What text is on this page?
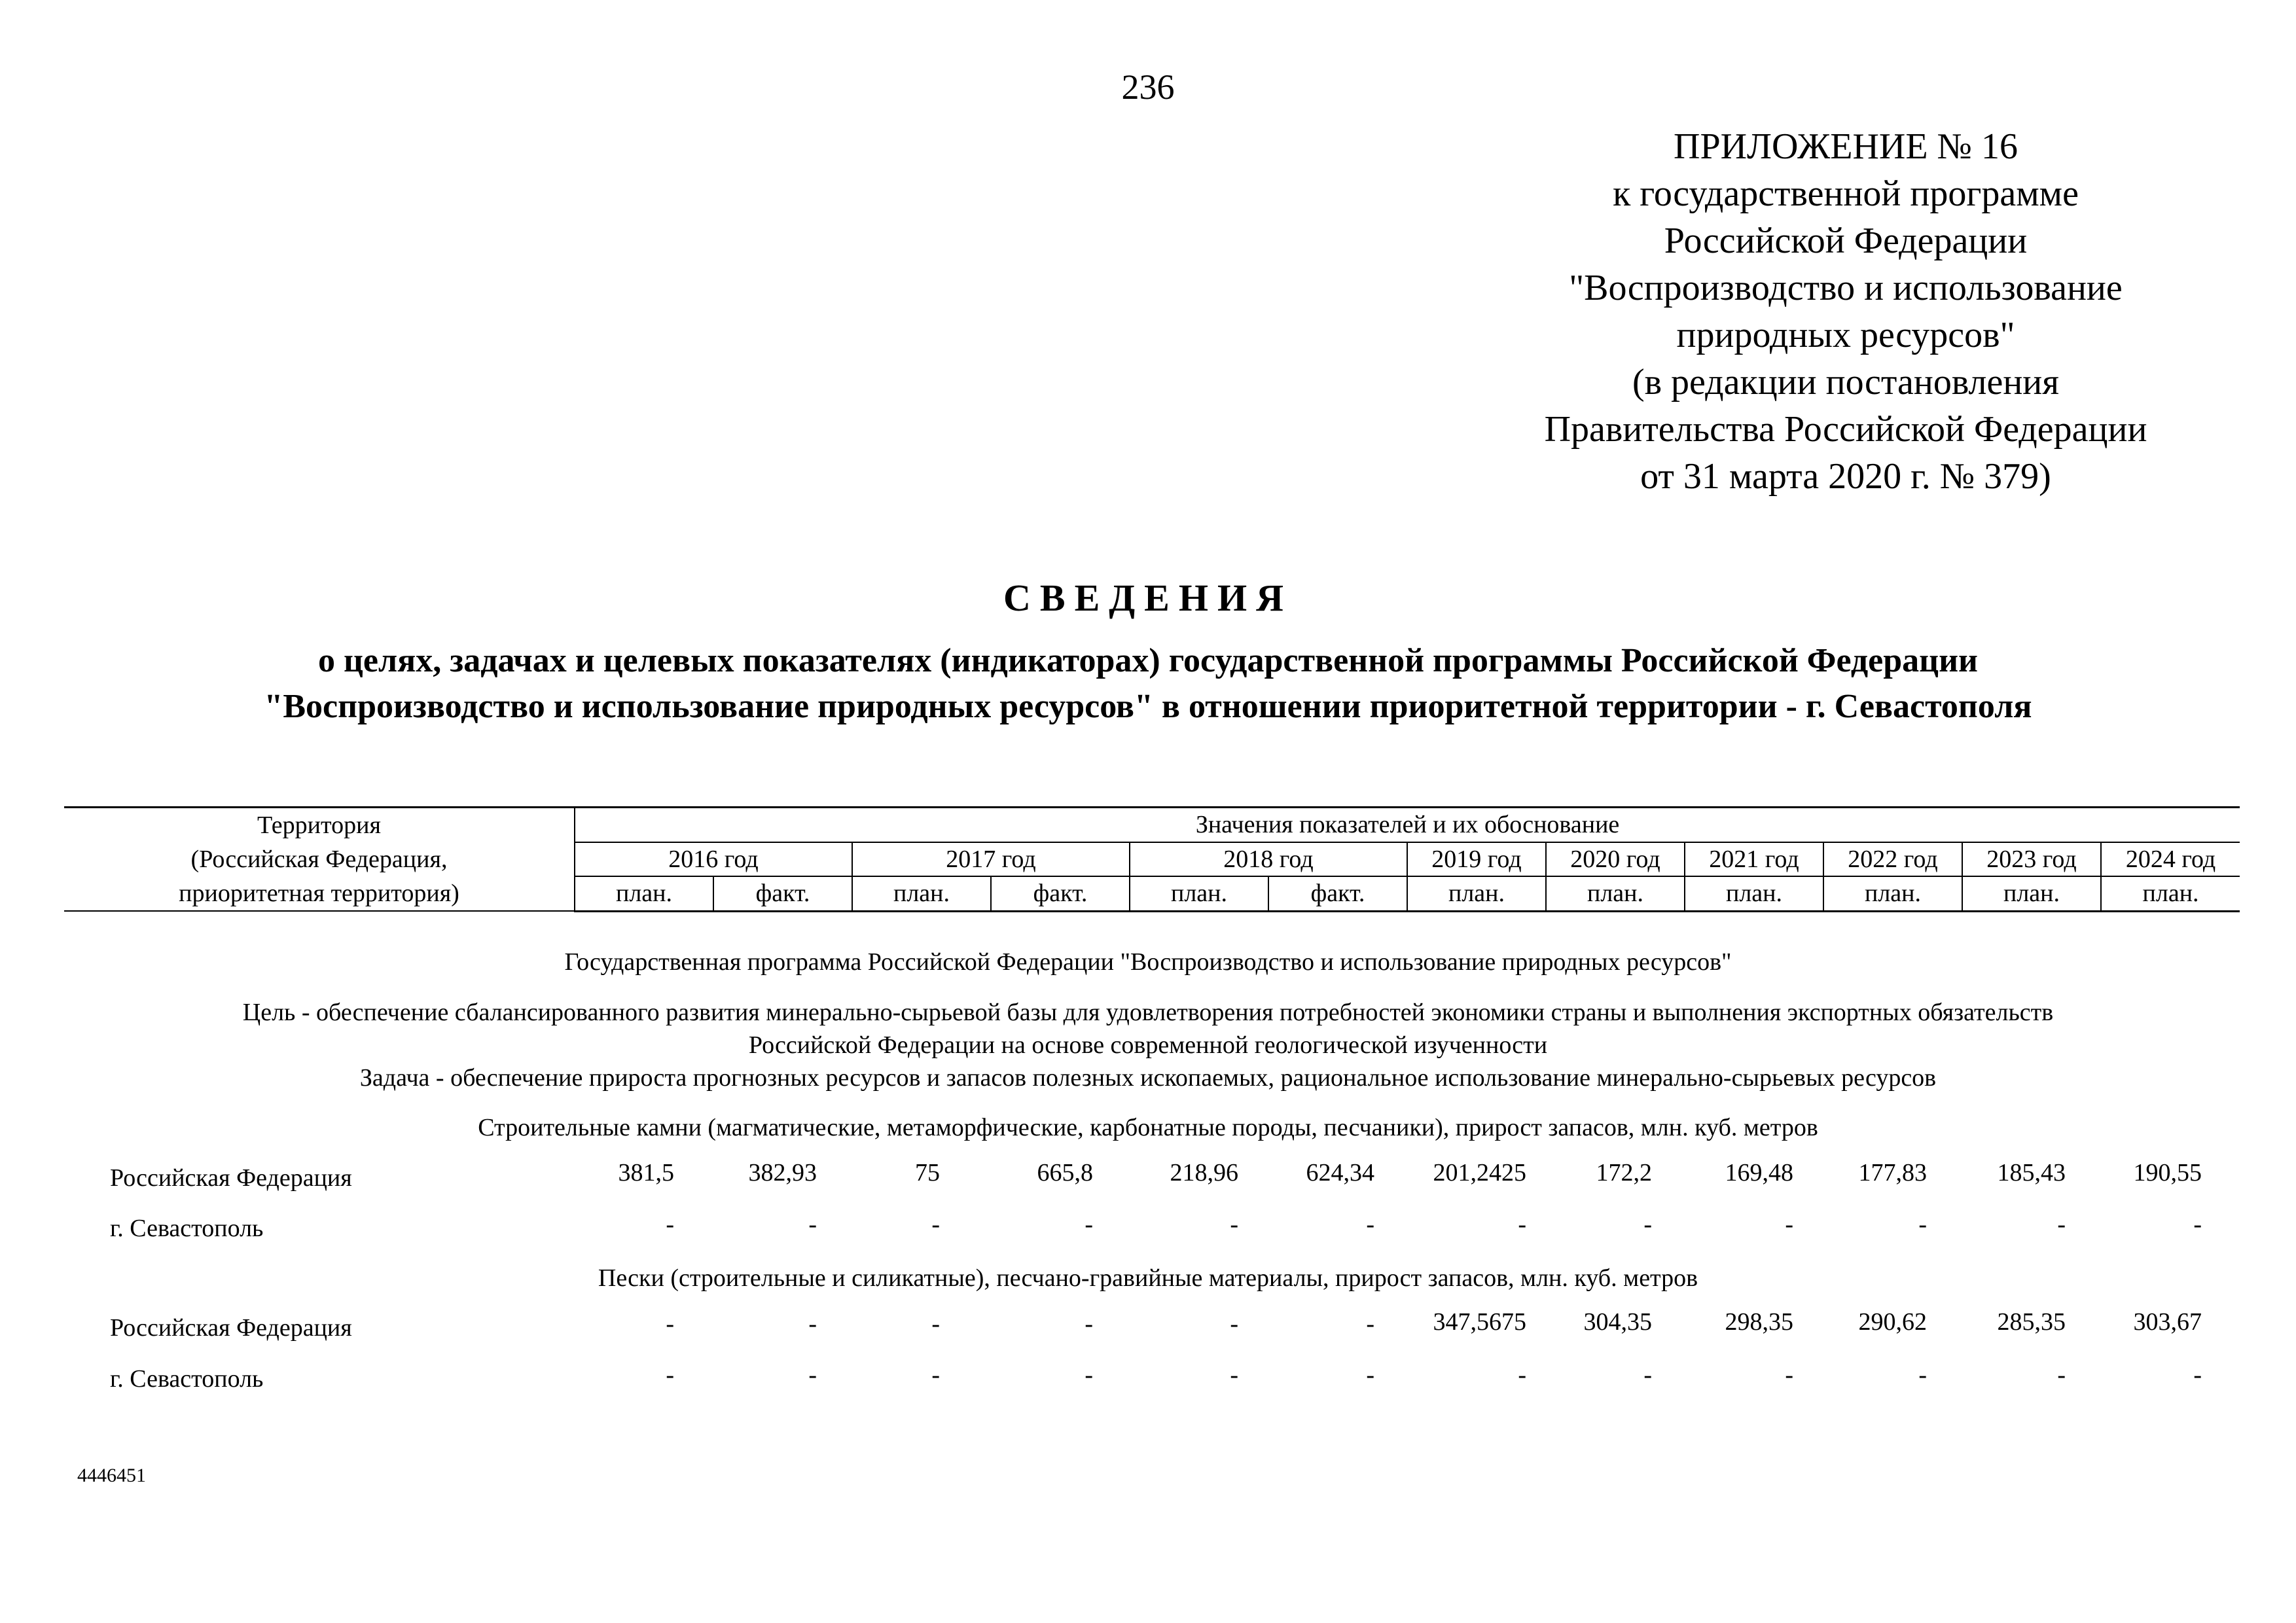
236
ПРИЛОЖЕНИЕ № 16
к государственной программе
Российской Федерации
"Воспроизводство и использование
природных ресурсов"
(в редакции постановления
Правительства Российской Федерации
от 31 марта 2020 г. № 379)
СВЕДЕНИЯ
о целях, задачах и целевых показателях (индикаторах) государственной программы Российской Федерации
"Воспроизводство и использование природных ресурсов" в отношении приоритетной территории - г. Севастополя
Территория
(Российская Федерация,
приоритетная территория)	Значения показателей и их обоснование											
	2016 год		2017 год		2018 год		2019 год	2020 год	2021 год	2022 год	2023 год	2024 год
	план.	факт.	план.	факт.	план.	факт.	план.	план.	план.	план.	план.	план.
Государственная программа Российской Федерации "Воспроизводство и использование природных ресурсов"
Цель - обеспечение сбалансированного развития минерально-сырьевой базы для удовлетворения потребностей экономики страны и выполнения экспортных обязательств
Российской Федерации на основе современной геологической изученности
Задача - обеспечение прироста прогнозных ресурсов и запасов полезных ископаемых, рациональное использование минерально-сырьевых ресурсов
Строительные камни (магматические, метаморфические, карбонатные породы, песчаники), прирост запасов, млн. куб. метров
Российская Федерация	381,5	382,93	75	665,8	218,96	624,34	201,2425	172,2	169,48	177,83	185,43	190,55
г. Севастополь	-	-	-	-	-	-	-	-	-	-	-	-
Пески (строительные и силикатные), песчано-гравийные материалы, прирост запасов, млн. куб. метров
Российская Федерация	-	-	-	-	-	-	347,5675	304,35	298,35	290,62	285,35	303,67
г. Севастополь	-	-	-	-	-	-	-	-	-	-	-	-
4446451
